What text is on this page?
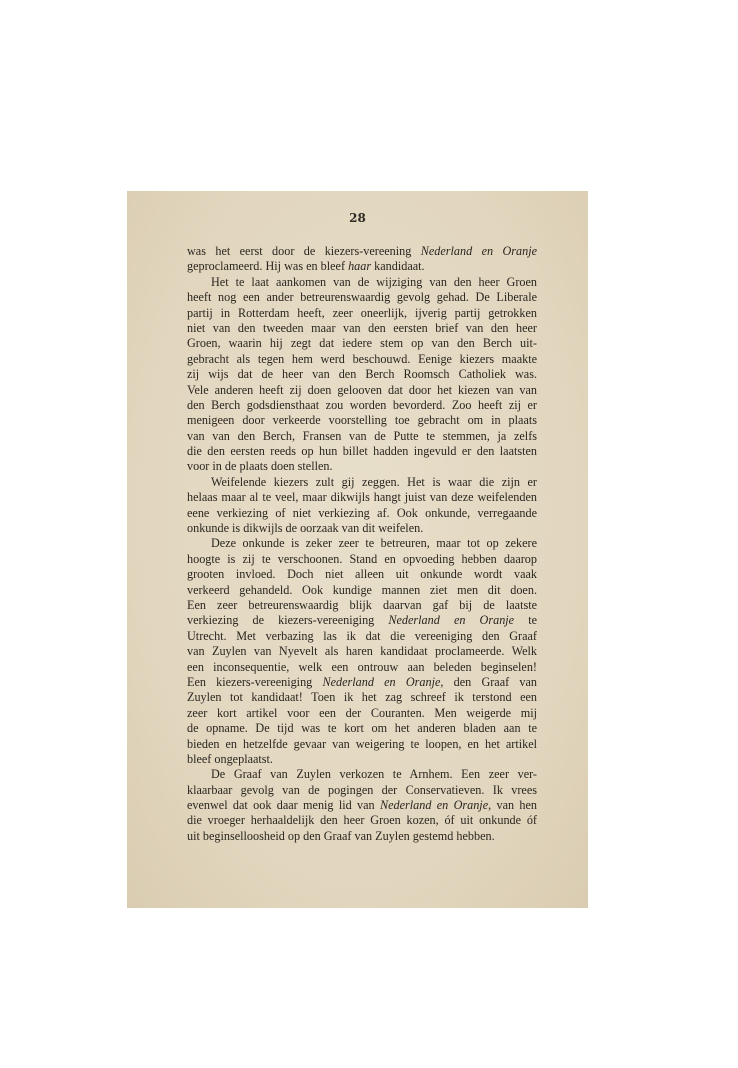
28
was het eerst door de kiezers-vereening Nederland en Oranje
geproclameerd. Hij was en bleef haar kandidaat.
Het te laat aankomen van de wijziging van den heer Groen
heeft nog een ander betreurenswaardig gevolg gehad. De Liberale
partij in Rotterdam heeft, zeer oneerlijk, ijverig partij getrokken
niet van den tweeden maar van den eersten brief van den heer
Groen, waarin hij zegt dat iedere stem op van den Berch uit-
gebracht als tegen hem werd beschouwd. Eenige kiezers maakte
zij wijs dat de heer van den Berch Roomsch Catholiek was.
Vele anderen heeft zij doen gelooven dat door het kiezen van van
den Berch godsdiensthaat zou worden bevorderd. Zoo heeft zij er
menigeen door verkeerde voorstelling toe gebracht om in plaats
van van den Berch, Fransen van de Putte te stemmen, ja zelfs
die den eersten reeds op hun billet hadden ingevuld er den laatsten
voor in de plaats doen stellen.
Weifelende kiezers zult gij zeggen. Het is waar die zijn er
helaas maar al te veel, maar dikwijls hangt juist van deze weifelenden
eene verkiezing of niet verkiezing af. Ook onkunde, verregaande
onkunde is dikwijls de oorzaak van dit weifelen.
Deze onkunde is zeker zeer te betreuren, maar tot op zekere
hoogte is zij te verschoonen. Stand en opvoeding hebben daarop
grooten invloed. Doch niet alleen uit onkunde wordt vaak
verkeerd gehandeld. Ook kundige mannen ziet men dit doen.
Een zeer betreurenswaardig blijk daarvan gaf bij de laatste
verkiezing de kiezers-vereeniging Nederland en Oranje te
Utrecht. Met verbazing las ik dat die vereeniging den Graaf
van Zuylen van Nyevelt als haren kandidaat proclameerde. Welk
een inconsequentie, welk een ontrouw aan beleden beginselen!
Een kiezers-vereeniging Nederland en Oranje, den Graaf van
Zuylen tot kandidaat! Toen ik het zag schreef ik terstond een
zeer kort artikel voor een der Couranten. Men weigerde mij
de opname. De tijd was te kort om het anderen bladen aan te
bieden en hetzelfde gevaar van weigering te loopen, en het artikel
bleef ongeplaatst.
De Graaf van Zuylen verkozen te Arnhem. Een zeer ver-
klaarbaar gevolg van de pogingen der Conservatieven. Ik vrees
evenwel dat ook daar menig lid van Nederland en Oranje, van hen
die vroeger herhaaldelijk den heer Groen kozen, óf uit onkunde óf
uit beginselloosheid op den Graaf van Zuylen gestemd hebben.
